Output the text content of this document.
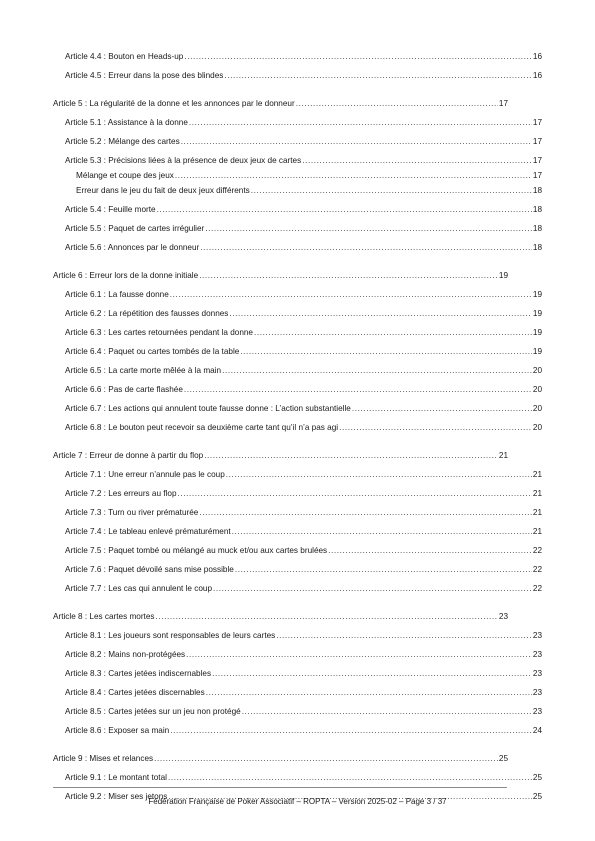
Article 4.4 : Bouton en Heads-up .....	16
Article 4.5 : Erreur dans la pose des blindes .....	16
Article 5 : La régularité de la donne et les annonces par le donneur .....	17
Article 5.1 : Assistance à la donne .....	17
Article 5.2 : Mélange des cartes .....	17
Article 5.3 : Précisions liées à la présence de deux jeux de cartes .....	17
Mélange et coupe des jeux .....	17
Erreur dans le jeu du fait de deux jeux différents .....	18
Article 5.4 : Feuille morte .....	18
Article 5.5 : Paquet de cartes irrégulier .....	18
Article 5.6 : Annonces par le donneur .....	18
Article 6 : Erreur lors de la donne initiale .....	19
Article 6.1 : La fausse donne .....	19
Article 6.2 : La répétition des fausses donnes .....	19
Article 6.3 : Les cartes retournées pendant la donne .....	19
Article 6.4 : Paquet ou cartes tombés de la table .....	19
Article 6.5 : La carte morte mêlée à la main .....	20
Article 6.6 : Pas de carte flashée .....	20
Article 6.7 : Les actions qui annulent toute fausse donne : L’action substantielle .....	20
Article 6.8 : Le bouton peut recevoir sa deuxième carte tant qu’il n’a pas agi .....	20
Article 7 : Erreur de donne à partir du flop .....	21
Article 7.1 : Une erreur n’annule pas le coup .....	21
Article 7.2 : Les erreurs au flop .....	21
Article 7.3 : Turn ou river prématurée .....	21
Article 7.4 : Le tableau enlevé prématurément .....	21
Article 7.5 : Paquet tombé ou mélangé au muck et/ou aux cartes brulées .....	22
Article 7.6 : Paquet dévoilé sans mise possible .....	22
Article 7.7 : Les cas qui annulent le coup .....	22
Article 8 : Les cartes mortes .....	23
Article 8.1 : Les joueurs sont responsables de leurs cartes .....	23
Article 8.2 : Mains non-protégées .....	23
Article 8.3 : Cartes jetées indiscernables .....	23
Article 8.4 : Cartes jetées discernables .....	23
Article 8.5 : Cartes jetées sur un jeu non protégé .....	23
Article 8.6 : Exposer sa main .....	24
Article 9 : Mises et relances .....	25
Article 9.1 : Le montant total .....	25
Article 9.2 : Miser ses jetons .....	25
Fédération Française de Poker Associatif – ROPTA – Version 2025-02 – Page 3 / 37
